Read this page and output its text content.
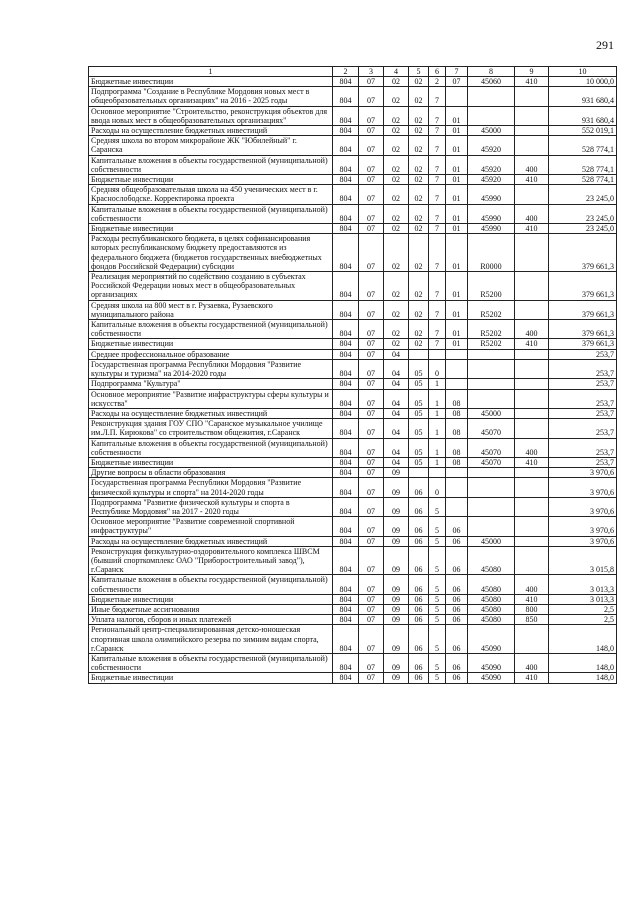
291
1	2	3	4	5	6	7	8	9	10
Бюджетные инвестиции	804	07	02	02	2	07	45060	410	10 000,0
Подпрограмма "Создание в Республике Мордовия новых мест в общеобразовательных организациях" на 2016 - 2025 годы	804	07	02	02	7				931 680,4
Основное мероприятие "Строительство, реконструкция объектов для ввода новых мест в общеобразовательных организациях"	804	07	02	02	7	01			931 680,4
Расходы на осуществление бюджетных инвестиций	804	07	02	02	7	01	45000		552 019,1
Средняя школа во втором микрорайоне ЖК "Юбилейный" г. Саранска	804	07	02	02	7	01	45920		528 774,1
Капитальные вложения в объекты государственной (муниципальной) собственности	804	07	02	02	7	01	45920	400	528 774,1
Бюджетные инвестиции	804	07	02	02	7	01	45920	410	528 774,1
Средняя общеобразовательная школа на 450 ученических мест в г. Краснослободске. Корректировка проекта	804	07	02	02	7	01	45990		23 245,0
Капитальные вложения в объекты государственной (муниципальной) собственности	804	07	02	02	7	01	45990	400	23 245,0
Бюджетные инвестиции	804	07	02	02	7	01	45990	410	23 245,0
Расходы республиканского бюджета, в целях софинансирования которых республиканскому бюджету предоставляются из федерального бюджета (бюджетов государственных внебюджетных фондов Российской Федерации) субсидии	804	07	02	02	7	01	R0000		379 661,3
Реализация мероприятий по содействию созданию в субъектах Российской Федерации новых мест в общеобразовательных организациях	804	07	02	02	7	01	R5200		379 661,3
Средняя школа на 800 мест в г. Рузаевка, Рузаевского муниципального района	804	07	02	02	7	01	R5202		379 661,3
Капитальные вложения в объекты государственной (муниципальной) собственности	804	07	02	02	7	01	R5202	400	379 661,3
Бюджетные инвестиции	804	07	02	02	7	01	R5202	410	379 661,3
Среднее профессиональное образование	804	07	04						253,7
Государственная программа Республики Мордовия "Развитие культуры и туризма" на 2014-2020 годы	804	07	04	05	0				253,7
Подпрограмма "Культура"	804	07	04	05	1				253,7
Основное мероприятие "Развитие инфраструктуры сферы культуры и искусства"	804	07	04	05	1	08			253,7
Расходы на осуществление бюджетных инвестиций	804	07	04	05	1	08	45000		253,7
Реконструкция здания ГОУ СПО "Саранское музыкальное училище им.Л.П. Кирюкова" со строительством общежития, г.Саранск	804	07	04	05	1	08	45070		253,7
Капитальные вложения в объекты государственной (муниципальной) собственности	804	07	04	05	1	08	45070	400	253,7
Бюджетные инвестиции	804	07	04	05	1	08	45070	410	253,7
Другие вопросы в области образования	804	07	09						3 970,6
Государственная программа Республики Мордовия "Развитие физической культуры и спорта" на 2014-2020 годы	804	07	09	06	0				3 970,6
Подпрограмма "Развитие физической культуры и спорта в Республике Мордовия" на 2017 - 2020 годы	804	07	09	06	5				3 970,6
Основное мероприятие "Развитие современной спортивной инфраструктуры"	804	07	09	06	5	06			3 970,6
Расходы на осуществление бюджетных инвестиций	804	07	09	06	5	06	45000		3 970,6
Реконструкция физкультурно-оздоровительного комплекса ШВСМ (бывший спорткомплекс ОАО "Приборостроительный завод"), г.Саранск	804	07	09	06	5	06	45080		3 015,8
Капитальные вложения в объекты государственной (муниципальной) собственности	804	07	09	06	5	06	45080	400	3 013,3
Бюджетные инвестиции	804	07	09	06	5	06	45080	410	3 013,3
Иные бюджетные ассигнования	804	07	09	06	5	06	45080	800	2,5
Уплата налогов, сборов и иных платежей	804	07	09	06	5	06	45080	850	2,5
Региональный центр-специализированная детско-юношеская спортивная школа олимпийского резерва по зимним видам спорта, г.Саранск	804	07	09	06	5	06	45090		148,0
Капитальные вложения в объекты государственной (муниципальной) собственности	804	07	09	06	5	06	45090	400	148,0
Бюджетные инвестиции	804	07	09	06	5	06	45090	410	148,0
